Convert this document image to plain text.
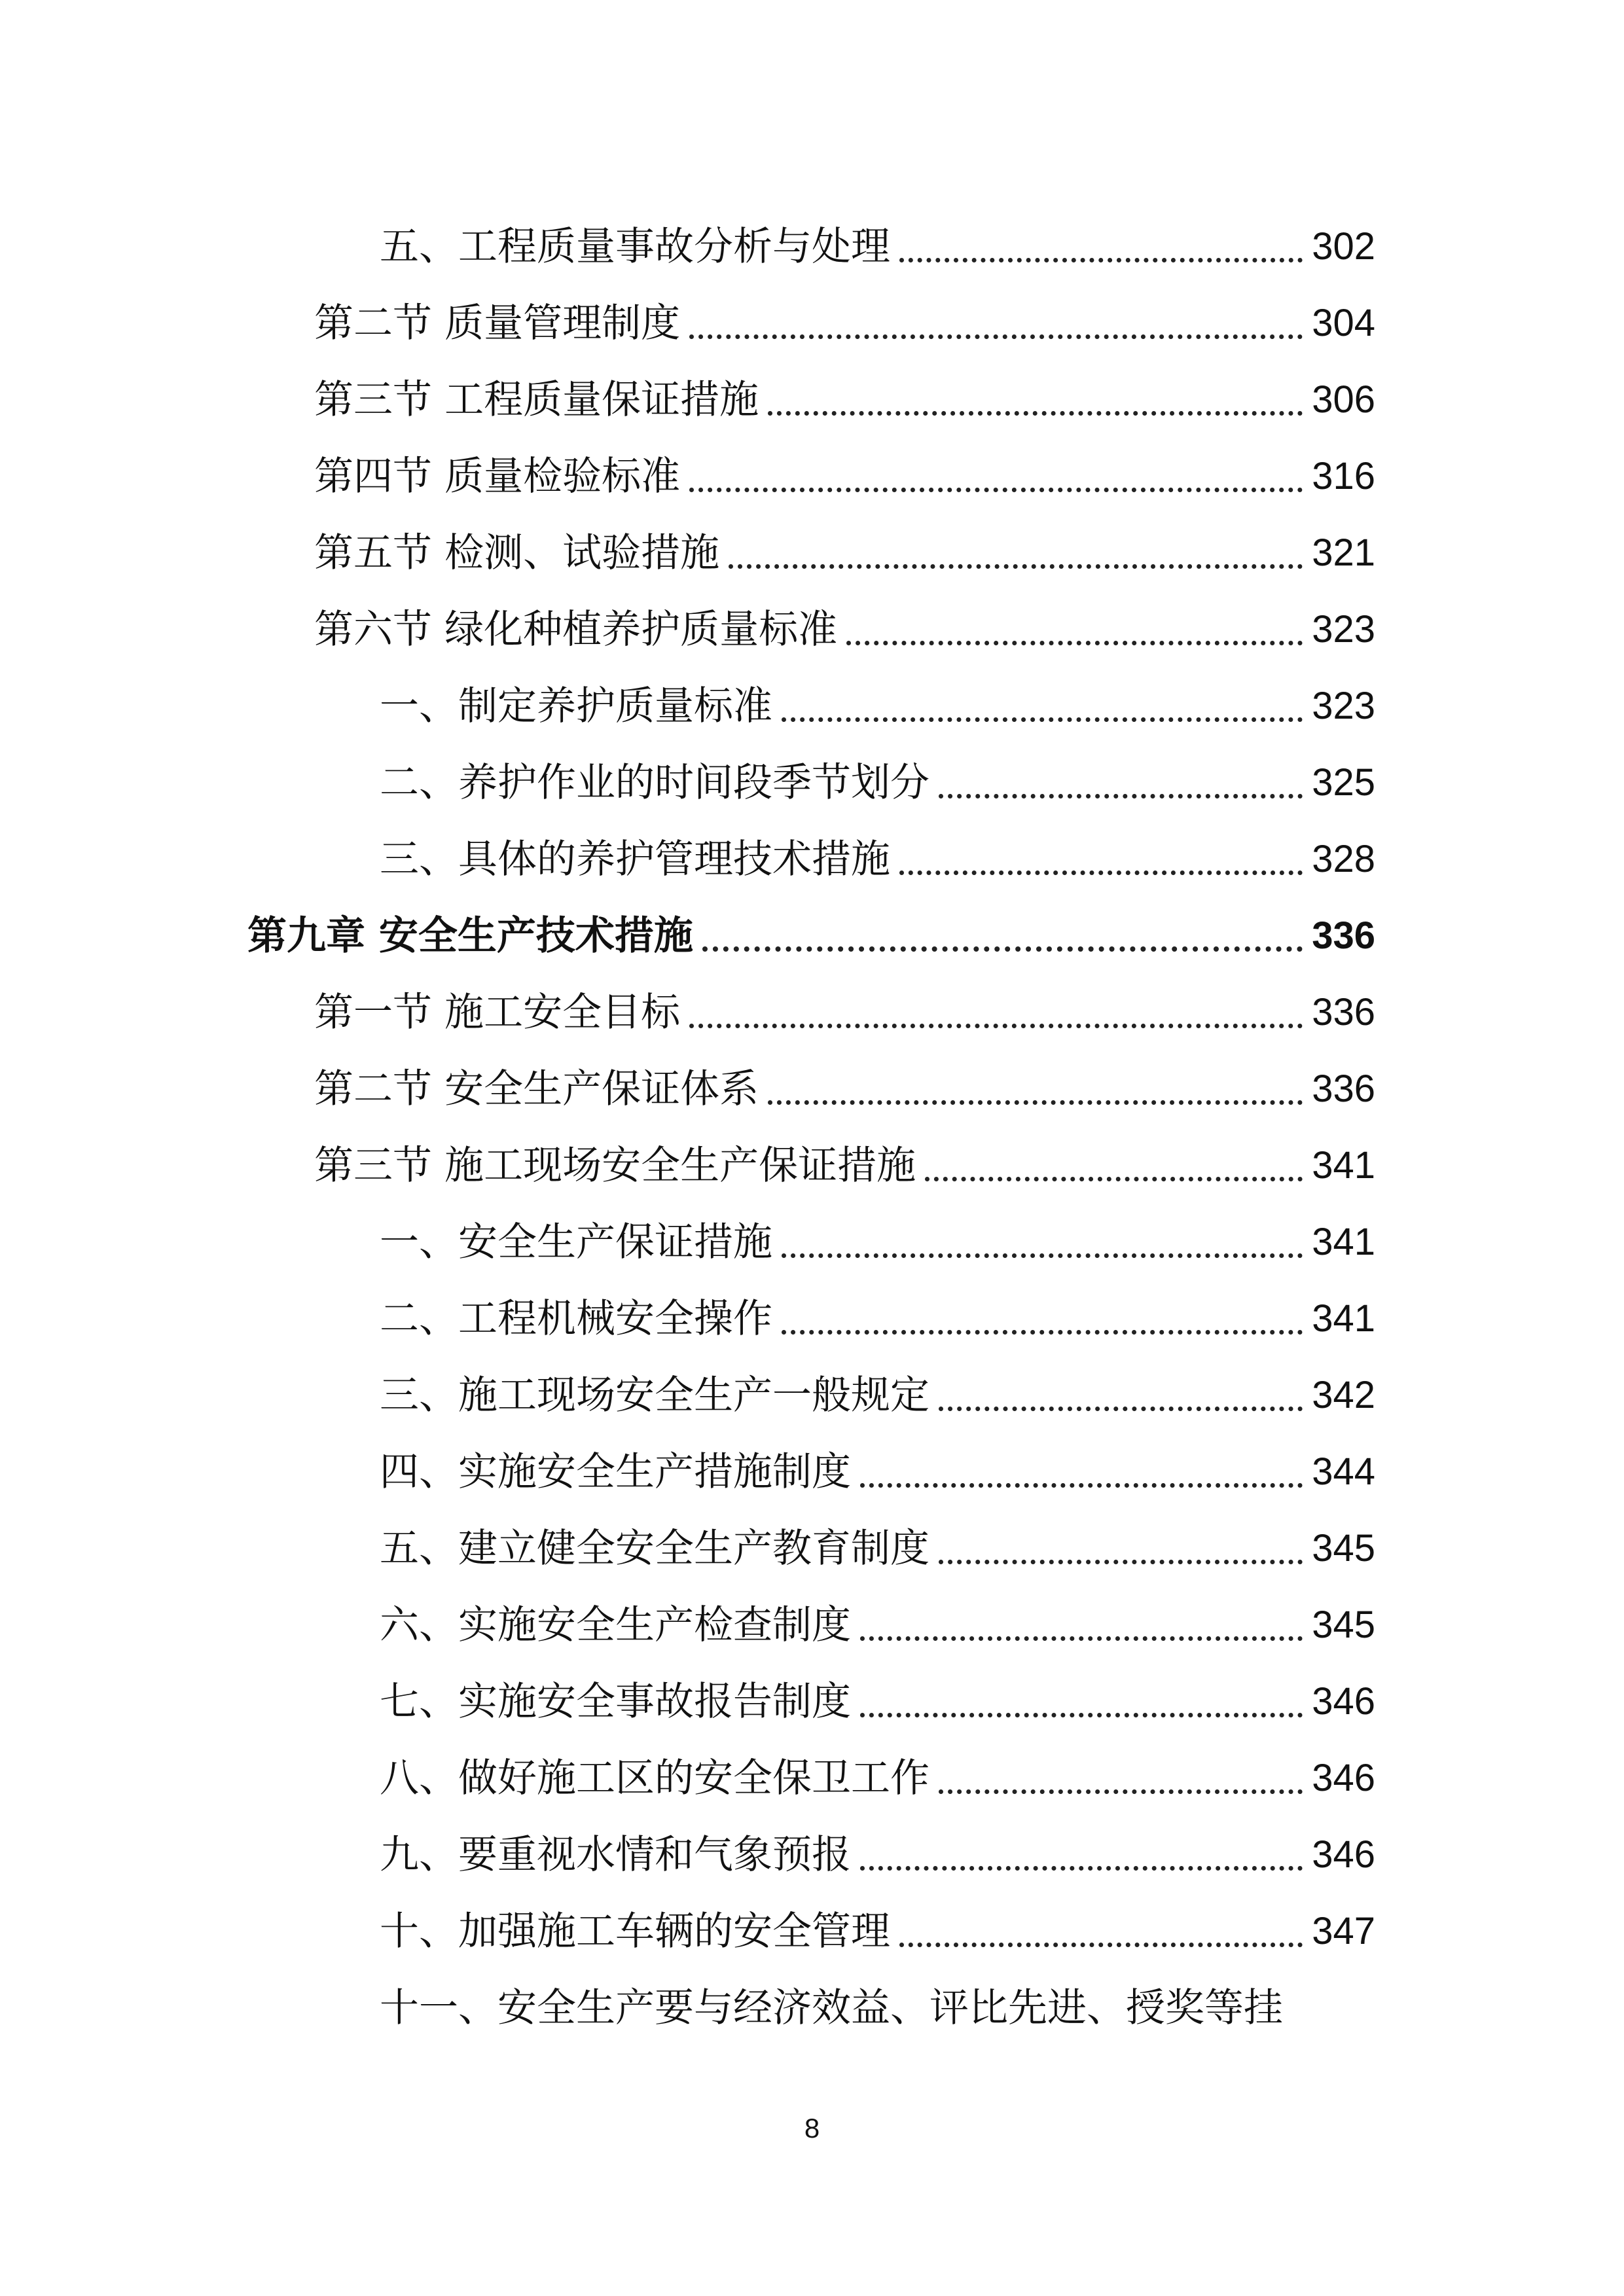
五、工程质量事故分析与处理	302
第二节 质量管理制度	304
第三节 工程质量保证措施	306
第四节 质量检验标准	316
第五节 检测、试验措施	321
第六节 绿化种植养护质量标准	323
一、制定养护质量标准	323
二、养护作业的时间段季节划分	325
三、具体的养护管理技术措施	328
第九章 安全生产技术措施	336
第一节 施工安全目标	336
第二节 安全生产保证体系	336
第三节 施工现场安全生产保证措施	341
一、安全生产保证措施	341
二、工程机械安全操作	341
三、施工现场安全生产一般规定	342
四、实施安全生产措施制度	344
五、建立健全安全生产教育制度	345
六、实施安全生产检查制度	345
七、实施安全事故报告制度	346
八、做好施工区的安全保卫工作	346
九、要重视水情和气象预报	346
十、加强施工车辆的安全管理	347
十一、安全生产要与经济效益、评比先进、授奖等挂
8
